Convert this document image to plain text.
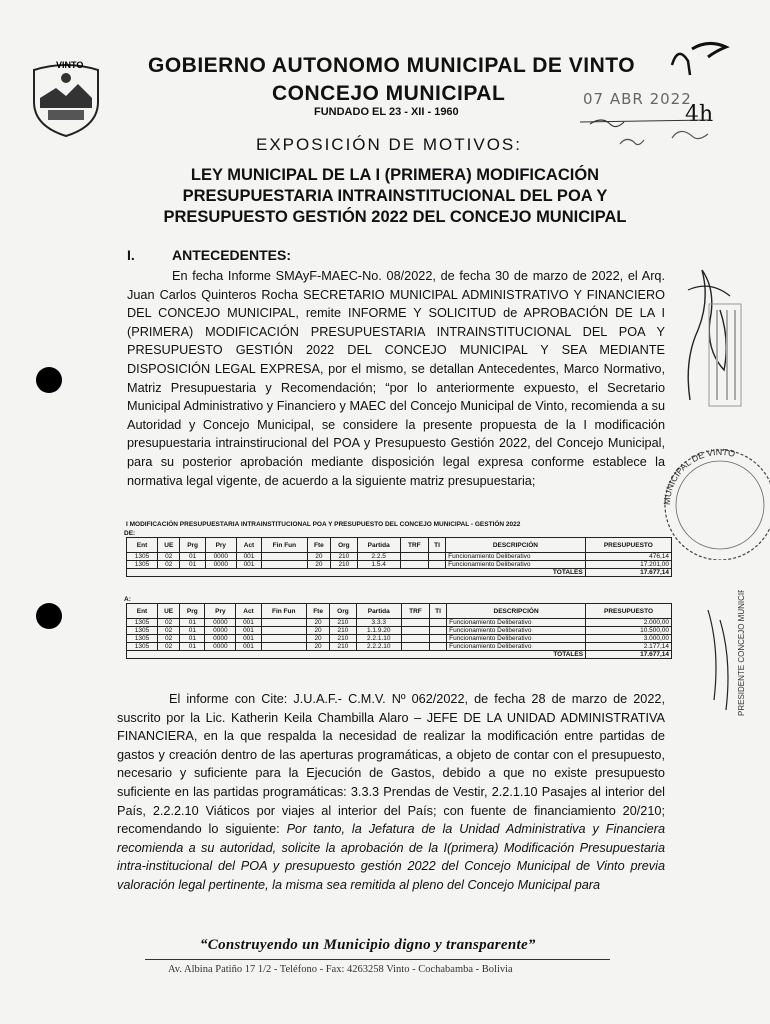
VINTO	GOBIERNO AUTONOMO MUNICIPAL DE VINTO
CONCEJO MUNICIPAL
FUNDADO EL 23 - XII - 1960
07 ABR 2022
4h
EXPOSICIÓN DE MOTIVOS:
LEY MUNICIPAL DE LA I (PRIMERA) MODIFICACIÓN PRESUPUESTARIA INTRAINSTITUCIONAL DEL POA Y PRESUPUESTO GESTIÓN 2022 DEL CONCEJO MUNICIPAL
I.	ANTECEDENTES:
En fecha Informe SMAyF-MAEC-No. 08/2022, de fecha 30 de marzo de 2022, el Arq. Juan Carlos Quinteros Rocha SECRETARIO MUNICIPAL ADMINISTRATIVO Y FINANCIERO DEL CONCEJO MUNICIPAL, remite INFORME Y SOLICITUD de APROBACIÓN DE LA I (PRIMERA) MODIFICACIÓN PRESUPUESTARIA INTRAINSTITUCIONAL DEL POA Y PRESUPUESTO GESTIÓN 2022 DEL CONCEJO MUNICIPAL Y SEA MEDIANTE DISPOSICIÓN LEGAL EXPRESA, por el mismo, se detallan Antecedentes, Marco Normativo, Matriz Presupuestaria y Recomendación; “por lo anteriormente expuesto, el Secretario Municipal Administrativo y Financiero y MAEC del Concejo Municipal de Vinto, recomienda a su Autoridad y Concejo Municipal, se considere la presente propuesta de la I modificación presupuestaria intrainstirucional del POA y Presupuesto Gestión 2022, del Concejo Municipal, para su posterior aprobación mediante disposición legal expresa conforme establece la normativa legal vigente, de acuerdo a la siguiente matriz presupuestaria;
I MODIFICACIÓN PRESUPUESTARIA INTRAINSTITUCIONAL POA Y PRESUPUESTO DEL CONCEJO MUNICIPAL - GESTIÓN 2022
DE:
Ent	UE	Prg	Pry	Act	Fin Fun	Fte	Org	Partida	TRF	TI	DESCRIPCIÓN	PRESUPUESTO
1305	02	01	0000	001		20	210	2.2.5			Funcionamiento Deliberativo	476,14
1305	02	01	0000	001		20	210	1.5.4			Funcionamiento Deliberativo	17.201,00
TOTALES												17.677,14
A:
Ent	UE	Prg	Pry	Act	Fin Fun	Fte	Org	Partida	TRF	TI	DESCRIPCIÓN	PRESUPUESTO
1305	02	01	0000	001		20	210	3.3.3			Funcionamiento Deliberativo	2.000,00
1305	02	01	0000	001		20	210	1.1.9.20			Funcionamiento Deliberativo	10.500,00
1305	02	01	0000	001		20	210	2.2.1.10			Funcionamiento Deliberativo	3.000,00
1305	02	01	0000	001		20	210	2.2.2.10			Funcionamiento Deliberativo	2.177,14
TOTALES												17.677,14
El informe con Cite: J.U.A.F.- C.M.V. Nº 062/2022, de fecha 28 de marzo de 2022, suscrito por la Lic. Katherin Keila Chambilla Alaro – JEFE DE LA UNIDAD ADMINISTRATIVA FINANCIERA, en la que respalda la necesidad de realizar la modificación entre partidas de gastos y creación dentro de las aperturas programáticas, a objeto de contar con el presupuesto, necesario y suficiente para la Ejecución de Gastos, debido a que no existe presupuesto suficiente en las partidas programáticas: 3.3.3 Prendas de Vestir, 2.2.1.10 Pasajes al interior del País, 2.2.2.10 Viáticos por viajes al interior del País; con fuente de financiamiento 20/210; recomendando lo siguiente: Por tanto, la Jefatura de la Unidad Administrativa y Financiera recomienda a su autoridad, solicite la aprobación de la I(primera) Modificación Presupuestaria intra-institucional del POA y presupuesto gestión 2022 del Concejo Municipal de Vinto previa valoración legal pertinente, la misma sea remitida al pleno del Concejo Municipal para
MUNICIPAL DE VINTO
PRESIDENTE CONCEJO MUNICIPAL DE VINTO
“Construyendo un Municipio digno y transparente”
Av. Albina Patiño 17 1/2 - Teléfono - Fax: 4263258 Vinto - Cochabamba - Bolivia
